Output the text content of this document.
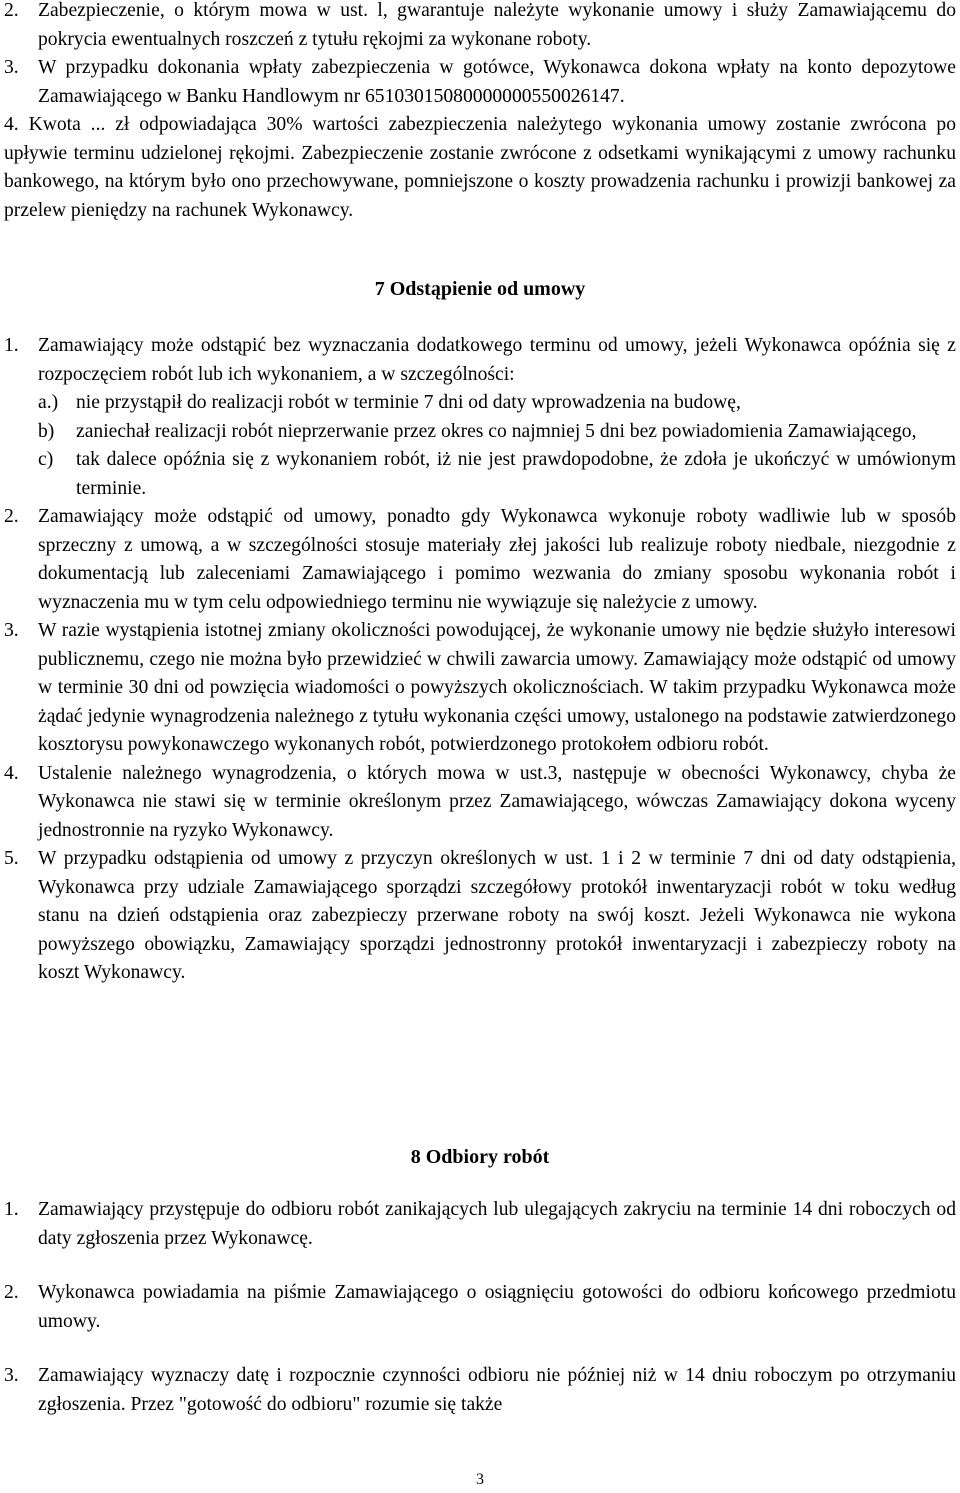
2. Zabezpieczenie, o którym mowa w ust. l, gwarantuje należyte wykonanie umowy i służy Zamawiającemu do pokrycia ewentualnych roszczeń z tytułu rękojmi za wykonane roboty.
3. W przypadku dokonania wpłaty zabezpieczenia w gotówce, Wykonawca dokona wpłaty na konto depozytowe Zamawiającego w Banku Handlowym nr 65103015080000000550026147.
4. Kwota ... zł odpowiadająca 30% wartości zabezpieczenia należytego wykonania umowy zostanie zwrócona po upływie terminu udzielonej rękojmi. Zabezpieczenie zostanie zwrócone z odsetkami wynikającymi z umowy rachunku bankowego, na którym było ono przechowywane, pomniejszone o koszty prowadzenia rachunku i prowizji bankowej za przelew pieniędzy na rachunek Wykonawcy.
7 Odstąpienie od umowy
1. Zamawiający może odstąpić bez wyznaczania dodatkowego terminu od umowy, jeżeli Wykonawca opóźnia się z rozpoczęciem robót lub ich wykonaniem, a w szczególności:
a.) nie przystąpił do realizacji robót w terminie 7 dni od daty wprowadzenia na budowę,
b)	zaniechał realizacji robót nieprzerwanie przez okres co najmniej 5 dni bez powiadomienia Zamawiającego,
c)	tak dalece opóźnia się z wykonaniem robót, iż nie jest prawdopodobne, że zdoła je ukończyć w umówionym terminie.
2. Zamawiający może odstąpić od umowy, ponadto gdy Wykonawca wykonuje roboty wadliwie lub w sposób sprzeczny z umową, a w szczególności stosuje materiały złej jakości lub realizuje roboty niedbale, niezgodnie z dokumentacją lub zaleceniami Zamawiającego i pomimo wezwania do zmiany sposobu wykonania robót i wyznaczenia mu w tym celu odpowiedniego terminu nie wywiązuje się należycie z umowy.
3. W razie wystąpienia istotnej zmiany okoliczności powodującej, że wykonanie umowy nie będzie służyło interesowi publicznemu, czego nie można było przewidzieć w chwili zawarcia umowy. Zamawiający może odstąpić od umowy w terminie 30 dni od powzięcia wiadomości o powyższych okolicznościach. W takim przypadku Wykonawca może żądać jedynie wynagrodzenia należnego z tytułu wykonania części umowy, ustalonego na podstawie zatwierdzonego kosztorysu powykonawczego wykonanych robót, potwierdzonego protokołem odbioru robót.
4. Ustalenie należnego wynagrodzenia, o których mowa w ust.3, następuje w obecności Wykonawcy, chyba że Wykonawca nie stawi się w terminie określonym przez Zamawiającego, wówczas Zamawiający dokona wyceny jednostronnie na ryzyko Wykonawcy.
5. W przypadku odstąpienia od umowy z przyczyn określonych w ust. 1 i 2 w terminie 7 dni od daty odstąpienia, Wykonawca przy udziale Zamawiającego sporządzi szczegółowy protokół inwentaryzacji robót w toku według stanu na dzień odstąpienia oraz zabezpieczy przerwane roboty na swój koszt. Jeżeli Wykonawca nie wykona powyższego obowiązku, Zamawiający sporządzi jednostronny protokół inwentaryzacji i zabezpieczy roboty na koszt Wykonawcy.
8 Odbiory robót
1. Zamawiający przystępuje do odbioru robót zanikających lub ulegających zakryciu na terminie 14 dni roboczych od daty zgłoszenia przez Wykonawcę.
2. Wykonawca powiadamia na piśmie Zamawiającego o osiągnięciu gotowości do odbioru końcowego przedmiotu umowy.
3. Zamawiający wyznaczy datę i rozpocznie czynności odbioru nie później niż w 14 dniu roboczym po otrzymaniu zgłoszenia. Przez "gotowość do odbioru" rozumie się także
3
